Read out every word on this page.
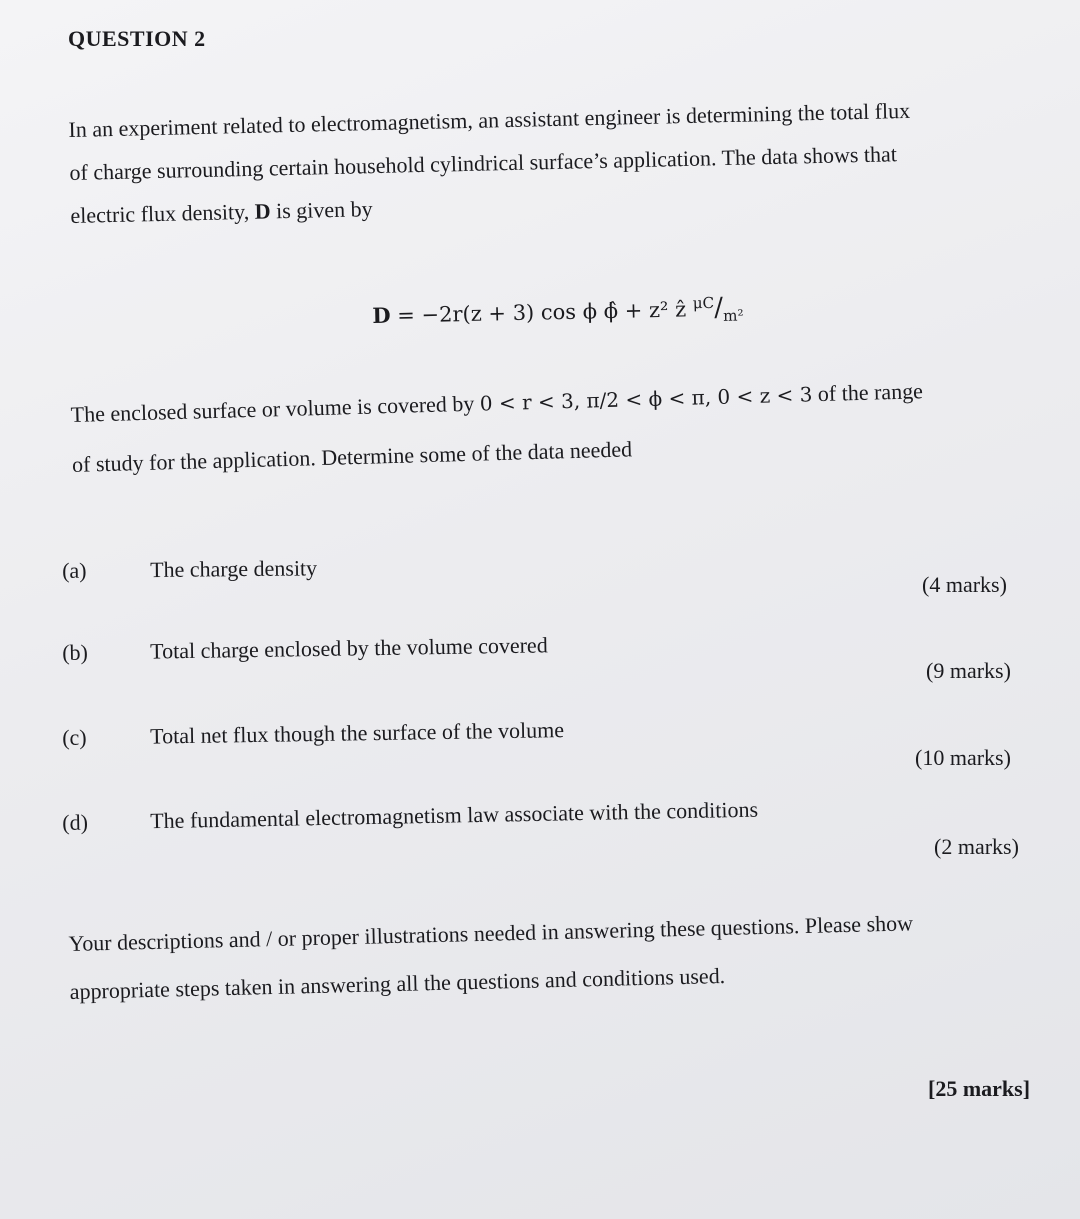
QUESTION 2
In an experiment related to electromagnetism, an assistant engineer is determining the total flux
of charge surrounding certain household cylindrical surface’s application. The data shows that
electric flux density, D is given by
D = −2r(z + 3) cos ϕ ϕ̂ + z² ẑ $^{\mu C}/_{m^2}$
The enclosed surface or volume is covered by 0 < r < 3, π/2 < ϕ < π, 0 < z < 3 of the range
of study for the application. Determine some of the data needed
(a)	The charge density
(4 marks)
(b)	Total charge enclosed by the volume covered
(9 marks)
(c)	Total net flux though the surface of the volume
(10 marks)
(d)	The fundamental electromagnetism law associate with the conditions
(2 marks)
Your descriptions and / or proper illustrations needed in answering these questions. Please show
appropriate steps taken in answering all the questions and conditions used.
[25 marks]
